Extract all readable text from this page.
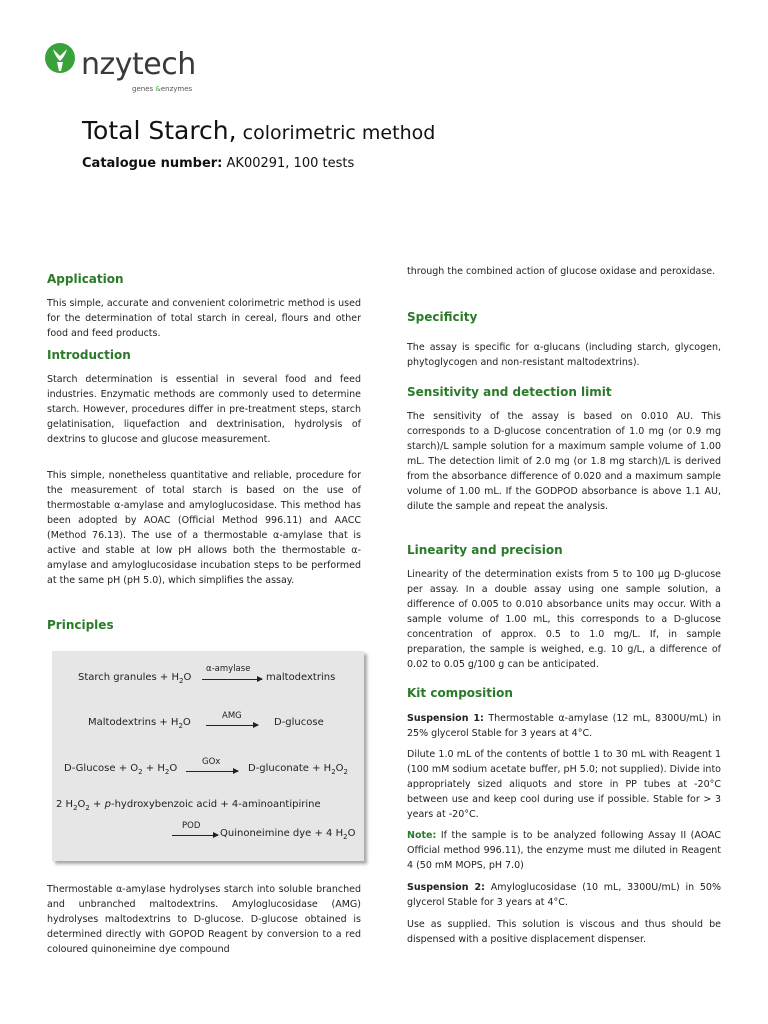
nzytech
genes &enzymes
Total Starch, colorimetric method
Catalogue number: AK00291, 100 tests
Application

This simple, accurate and convenient colorimetric method is used for the determination of total starch in cereal, flours and other food and feed products.

Introduction

Starch determination is essential in several food and feed industries. Enzymatic methods are commonly used to determine starch. However, procedures differ in pre-treatment steps, starch gelatinisation, liquefaction and dextrinisation, hydrolysis of dextrins to glucose and glucose measurement.

This simple, nonetheless quantitative and reliable, procedure for the measurement of total starch is based on the use of thermostable α-amylase and amyloglucosidase. This method has been adopted by AOAC (Official Method 996.11) and AACC (Method 76.13). The use of a thermostable α-amylase that is active and stable at low pH allows both the thermostable α-amylase and amyloglucosidase incubation steps to be performed at the same pH (pH 5.0), which simplifies the assay.

Principles

Thermostable α-amylase hydrolyses starch into soluble branched and unbranched maltodextrins. Amyloglucosidase (AMG) hydrolyses maltodextrins to D-glucose. D-glucose obtained is determined directly with GOPOD Reagent by conversion to a red coloured quinoneimine dye compound

Starch granules + $H_2O$
α-amylase
→ maltodextrins
Maltodextrins + $H_2O$
AMG
→ D-glucose
$D-Glucose + O_2 + H_2O$
GOx
→ D-gluconate + $H_2O_2$
2 $H_2O_2$ + p-hydroxybenzoic acid + 4-aminoantipirine
POD
→ Quinoneimine dye + 4 $H_2O$

through the combined action of glucose oxidase and peroxidase.

Specificity

The assay is specific for α-glucans (including starch, glycogen, phytoglycogen and non-resistant maltodextrins).

Sensitivity and detection limit

The sensitivity of the assay is based on 0.010 AU. This corresponds to a D-glucose concentration of 1.0 mg (or 0.9 mg starch)/L sample solution for a maximum sample volume of 1.00 mL. The detection limit of 2.0 mg (or 1.8 mg starch)/L is derived from the absorbance difference of 0.020 and a maximum sample volume of 1.00 mL. If the GODPOD absorbance is above 1.1 AU, dilute the sample and repeat the analysis.

Linearity and precision

Linearity of the determination exists from 5 to 100 µg D-glucose per assay. In a double assay using one sample solution, a difference of 0.005 to 0.010 absorbance units may occur. With a sample volume of 1.00 mL, this corresponds to a D-glucose concentration of approx. 0.5 to 1.0 mg/L. If, in sample preparation, the sample is weighed, e.g. 10 g/L, a difference of 0.02 to 0.05 g/100 g can be anticipated.

Kit composition

Suspension 1: Thermostable α-amylase (12 mL, 8300U/mL) in 25% glycerol Stable for 3 years at 4°C.

Dilute 1.0 mL of the contents of bottle 1 to 30 mL with Reagent 1 (100 mM sodium acetate buffer, pH 5.0; not supplied). Divide into appropriately sized aliquots and store in PP tubes at -20°C between use and keep cool during use if possible. Stable for > 3 years at -20°C.

Note: If the sample is to be analyzed following Assay II (AOAC Official method 996.11), the enzyme must me diluted in Reagent 4 (50 mM MOPS, pH 7.0)

Suspension 2: Amyloglucosidase (10 mL, 3300U/mL) in 50% glycerol Stable for 3 years at 4°C.

Use as supplied. This solution is viscous and thus should be dispensed with a positive displacement dispenser.
